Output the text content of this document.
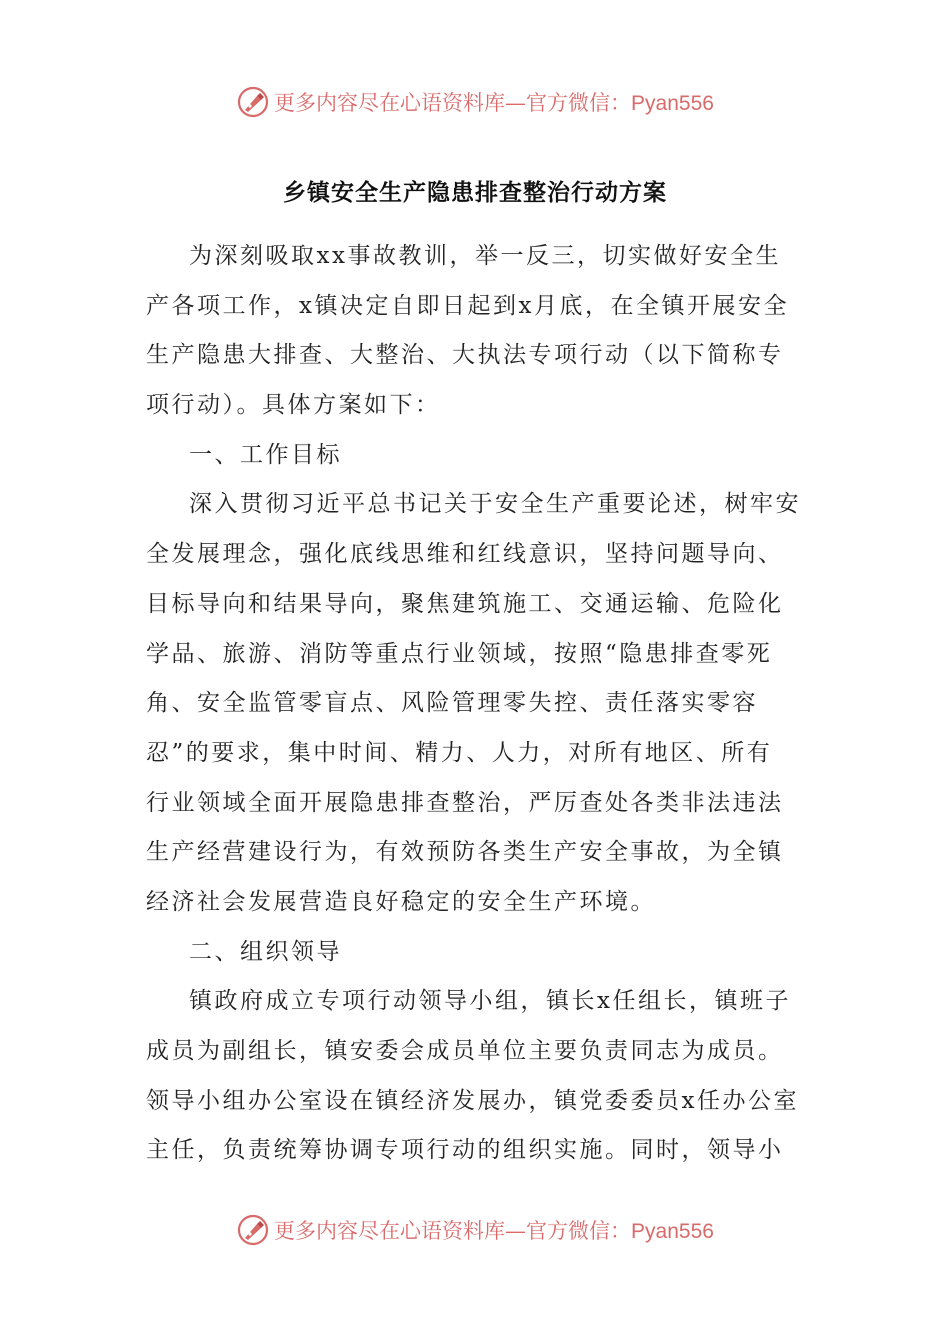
更多内容尽在心语资料库—官方微信：Pyan556
乡镇安全生产隐患排查整治行动方案
为深刻吸取xx事故教训，举一反三，切实做好安全生
产各项工作，x镇决定自即日起到x月底，在全镇开展安全
生产隐患大排查、大整治、大执法专项行动（以下简称专
项行动）。具体方案如下：
一、工作目标
深入贯彻习近平总书记关于安全生产重要论述，树牢安
全发展理念，强化底线思维和红线意识，坚持问题导向、
目标导向和结果导向，聚焦建筑施工、交通运输、危险化
学品、旅游、消防等重点行业领域，按照“隐患排查零死
角、安全监管零盲点、风险管理零失控、责任落实零容
忍”的要求，集中时间、精力、人力，对所有地区、所有
行业领域全面开展隐患排查整治，严厉查处各类非法违法
生产经营建设行为，有效预防各类生产安全事故，为全镇
经济社会发展营造良好稳定的安全生产环境。
二、组织领导
镇政府成立专项行动领导小组，镇长x任组长，镇班子
成员为副组长，镇安委会成员单位主要负责同志为成员。
领导小组办公室设在镇经济发展办，镇党委委员x任办公室
主任，负责统筹协调专项行动的组织实施。同时，领导小
更多内容尽在心语资料库—官方微信：Pyan556
